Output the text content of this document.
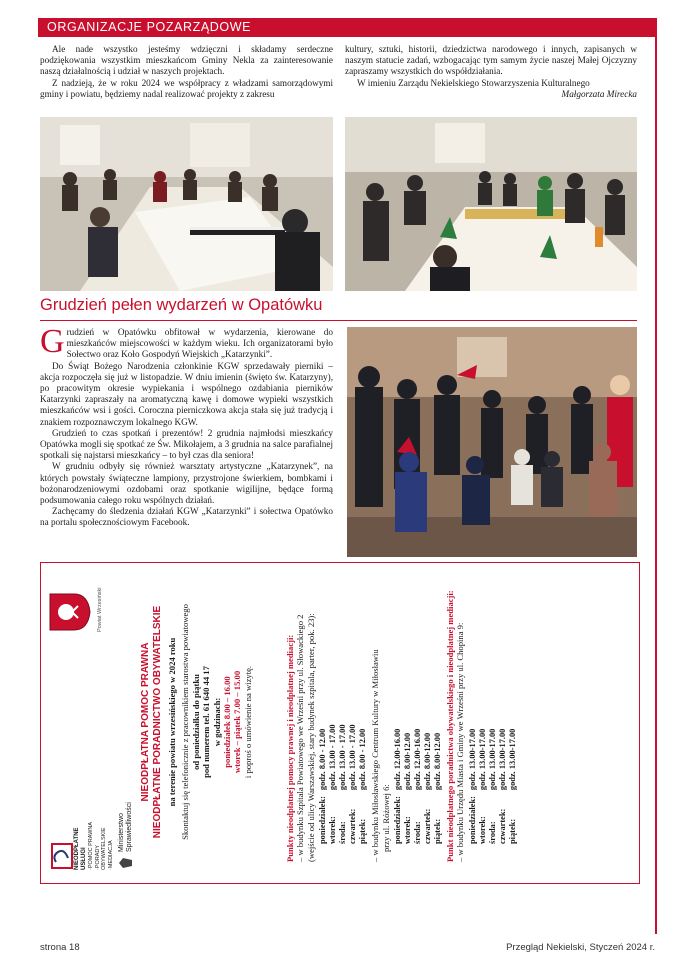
ORGANIZACJE POZARZĄDOWE

Ale nade wszystko jesteśmy wdzięczni i składamy serdeczne podziękowania wszystkim mieszkańcom Gminy Nekla za zainteresowanie naszą działalnością i udział w naszych projektach.

Z nadzieją, że w roku 2024 we współpracy z władzami samorządowymi gminy i powiatu, będziemy nadal realizować projekty z zakresu

kultury, sztuki, historii, dziedzictwa narodowego i innych, zapisanych w naszym statucie zadań, wzbogacając tym samym życie naszej Małej Ojczyzny zapraszamy wszystkich do współdziałania.

W imieniu Zarządu Nekielskiego Stowarzyszenia Kulturalnego

Małgorzata Mirecka
Grudzień pełen wydarzeń w Opatówku

Grudzień w Opatówku obfitował w wydarzenia, kierowane do mieszkańców miejscowości w każdym wieku. Ich organizatorami było Sołectwo oraz Koło Gospodyń Wiejskich „Katarzynki”.

Do Świąt Bożego Narodzenia członkinie KGW sprzedawały pierniki – akcja rozpoczęła się już w listopadzie. W dniu imienin (święto św. Katarzyny), po pracowitym okresie wypiekania i wspólnego ozdabiania pierników Katarzynki zapraszały na aromatyczną kawę i domowe wypieki wszystkich mieszkańców wsi i gości. Coroczna pierniczkowa akcja stała się już tradycją i znakiem rozpoznawczym lokalnego KGW.

Grudzień to czas spotkań i prezentów! 2 grudnia najmłodsi mieszkańcy Opatówka mogli się spotkać ze Św. Mikołajem, a 3 grudnia na salce parafialnej spotkali się najstarsi mieszkańcy – to był czas dla seniora!

W grudniu odbyły się również warsztaty artystyczne „Katarzynek”, na których powstały świąteczne lampiony, przystrojone świerkiem, bombkami i bożonarodzeniowymi ozdobami oraz spotkanie wigilijne, będące formą podsumowania całego roku wspólnych działań.

Zachęcamy do śledzenia działań KGW „Katarzynki” i sołectwa Opatówko na portalu społecznościowym Facebook.

NIEODPŁATNE USŁUGI ·POMOC PRAWNA ·PORADY OBYWATELSKIE ·MEDIACJA
Ministerstwo Sprawiedliwości
NIEODPŁATNA POMOC PRAWNA NIEODPŁATNE PORADNICTWO OBYWATELSKIE na terenie powiatu wrzesińskiego w 2024 roku Skontaktuj się telefonicznie z pracownikiem starostwa powiatowego od poniedziałku do piątku pod numerem tel. 61 640 44 17 w godzinach: poniedziałek 8.00 – 16.00 wtorek – piątek 7.00 – 15.00 i poproś o umówienie na wizytę.
Powiat Wrzesiński
Punkty nieodpłatnej pomocy prawnej i nieodpłatnej mediacji: – w budynku Szpitala Powiatowego we Wrześni przy ul. Słowackiego 2 (wejście od ulicy Warszawskiej, stary budynek szpitala, parter, pok. 23): poniedziałek:	godz. 8.00 - 12.00
wtorek:	godz. 13.00 - 17.00
środa:	godz. 13.00 - 17.00
czwartek:	godz. 13.00 - 17.00
piątek:	godz. 8.00 - 12.00 – w budynku Miłosławskiego Centrum Kultury w Miłosławiu przy ul. Różowej 6: poniedziałek:	godz. 12.00-16.00
wtorek:	godz. 8.00-12.00
środa:	godz. 12.00-16.00
czwartek:	godz. 8.00-12.00
piątek:	godz. 8.00-12.00 Punkt nieodpłatnego poradnictwa obywatelskiego i nieodpłatnej mediacji: – w budynku Urzędu Miasta i Gminy we Wrześni przy ul. Chopina 9: poniedziałek:	godz. 13.00-17.00
wtorek:	godz. 13.00-17.00
środa:	godz. 13.00-17.00
czwartek:	godz. 13.00-17.00
piątek:	godz. 13.00-17.00
strona 18	Przegląd Nekielski, Styczeń 2024 r.
